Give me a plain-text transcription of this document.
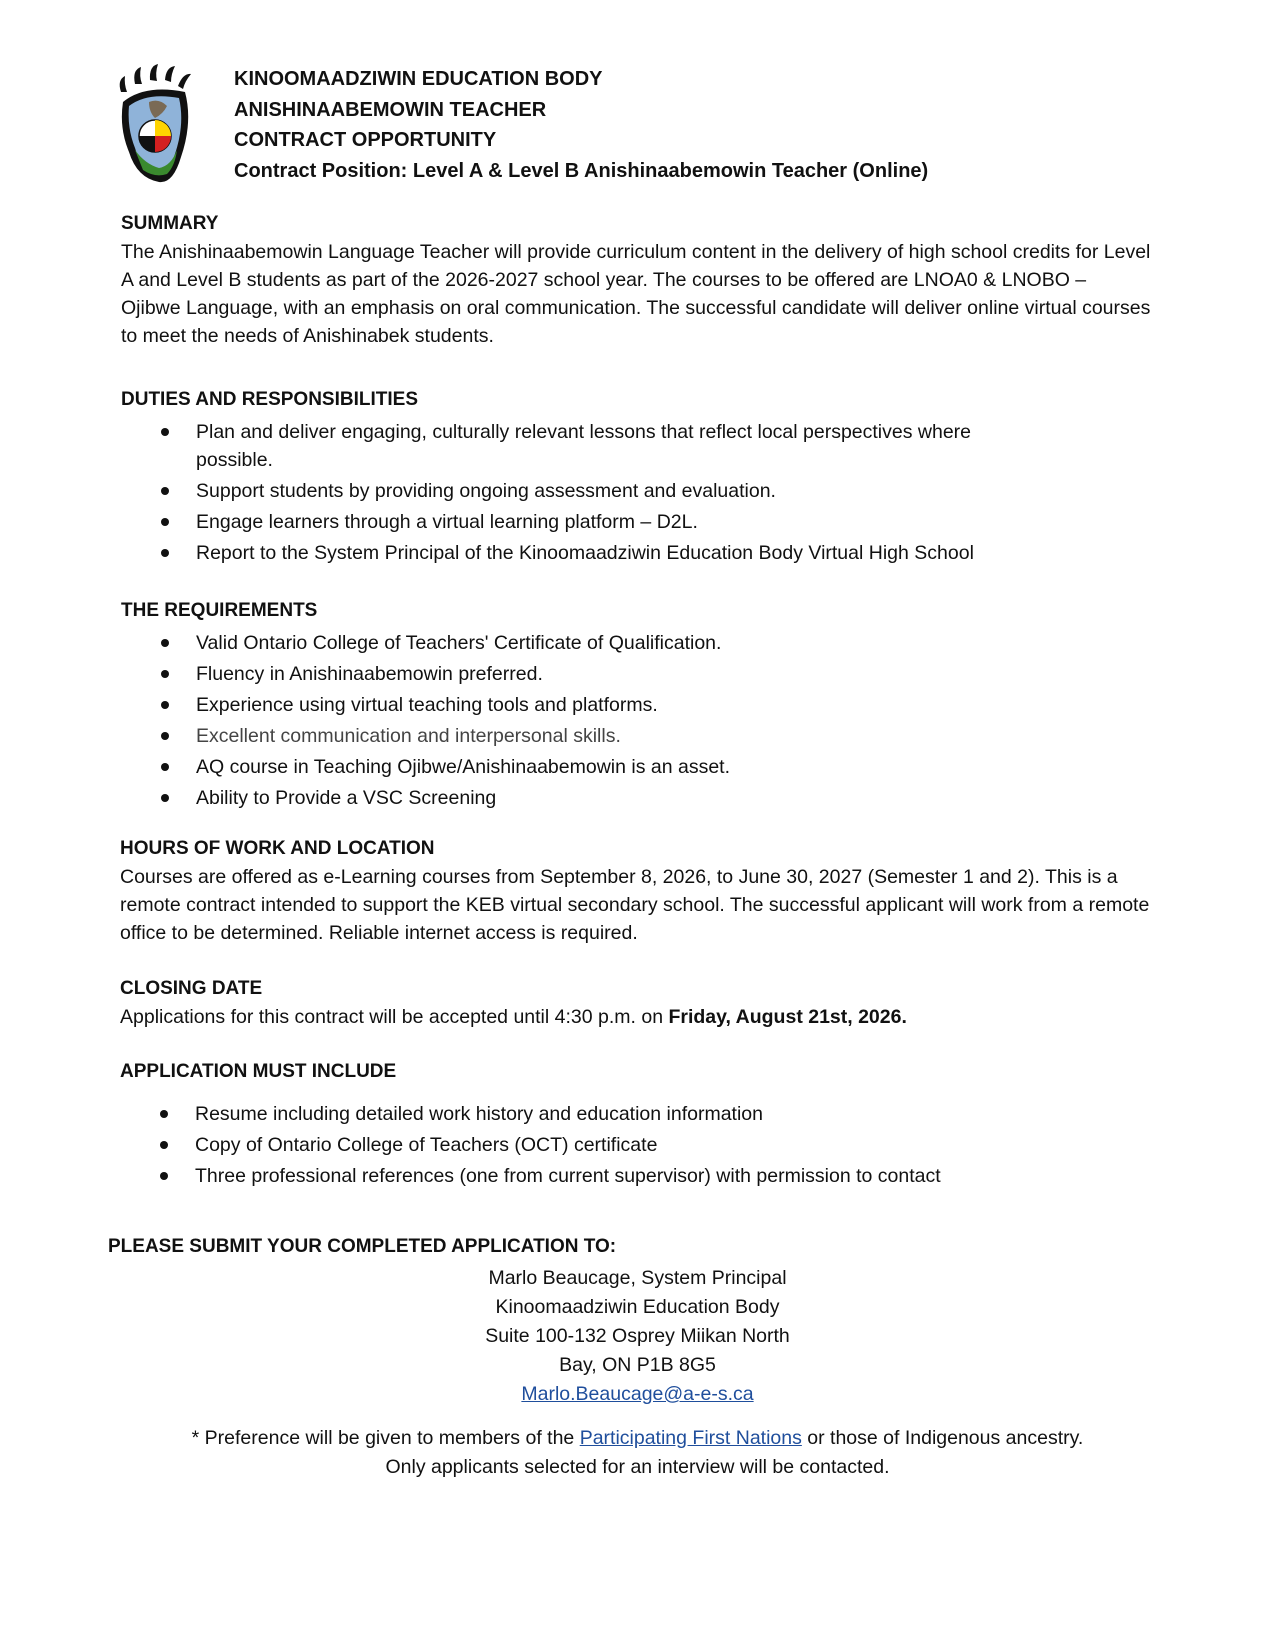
KINOOMAADZIWIN EDUCATION BODY
ANISHINAABEMOWIN TEACHER
CONTRACT OPPORTUNITY
Contract Position: Level A & Level B Anishinaabemowin Teacher (Online)
SUMMARY
The Anishinaabemowin Language Teacher will provide curriculum content in the delivery of high school credits for Level A and Level B students as part of the 2026-2027 school year. The courses to be offered are LNOA0 & LNOBO – Ojibwe Language, with an emphasis on oral communication. The successful candidate will deliver online virtual courses to meet the needs of Anishinabek students.
DUTIES AND RESPONSIBILITIES
Plan and deliver engaging, culturally relevant lessons that reflect local perspectives where possible.
Support students by providing ongoing assessment and evaluation.
Engage learners through a virtual learning platform – D2L.
Report to the System Principal of the Kinoomaadziwin Education Body Virtual High School
THE REQUIREMENTS
Valid Ontario College of Teachers' Certificate of Qualification.
Fluency in Anishinaabemowin preferred.
Experience using virtual teaching tools and platforms.
Excellent communication and interpersonal skills.
AQ course in Teaching Ojibwe/Anishinaabemowin is an asset.
Ability to Provide a VSC Screening
HOURS OF WORK AND LOCATION
Courses are offered as e-Learning courses from September 8, 2026, to June 30, 2027 (Semester 1 and 2). This is a remote contract intended to support the KEB virtual secondary school. The successful applicant will work from a remote office to be determined. Reliable internet access is required.
CLOSING DATE
Applications for this contract will be accepted until 4:30 p.m. on Friday, August 21st, 2026.
APPLICATION MUST INCLUDE
Resume including detailed work history and education information
Copy of Ontario College of Teachers (OCT) certificate
Three professional references (one from current supervisor) with permission to contact
PLEASE SUBMIT YOUR COMPLETED APPLICATION TO:
Marlo Beaucage, System Principal
Kinoomaadziwin Education Body
Suite 100-132 Osprey Miikan North
Bay, ON P1B 8G5
Marlo.Beaucage@a-e-s.ca
* Preference will be given to members of the Participating First Nations or those of Indigenous ancestry.
Only applicants selected for an interview will be contacted.
